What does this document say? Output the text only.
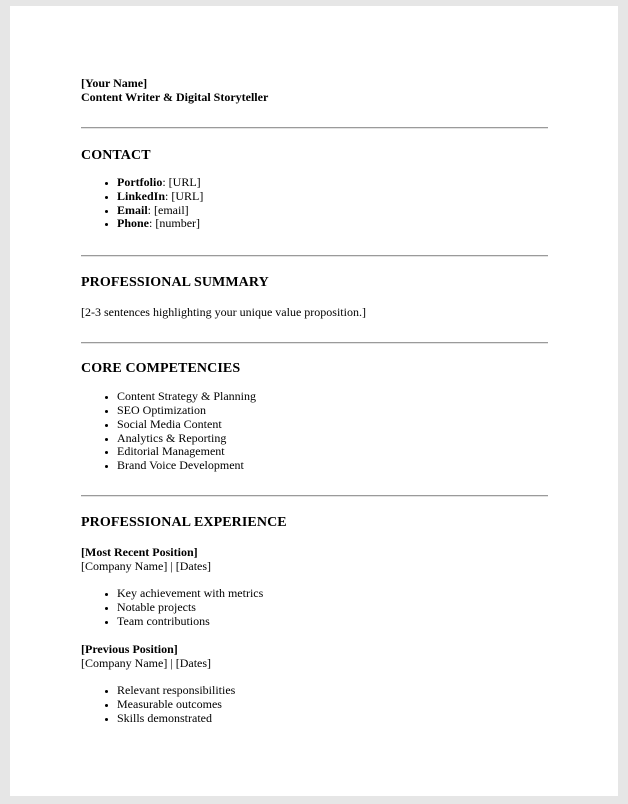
[Your Name]

Content Writer & Digital Storyteller

CONTACT
• Portfolio: [URL]
• LinkedIn: [URL]
• Email: [email]
• Phone: [number]
PROFESSIONAL SUMMARY

[2-3 sentences highlighting your unique value proposition.]

CORE COMPETENCIES
• Content Strategy & Planning
• SEO Optimization
• Social Media Content
• Analytics & Reporting
• Editorial Management
• Brand Voice Development
PROFESSIONAL EXPERIENCE

[Most Recent Position]

[Company Name] | [Dates]

• Key achievement with metrics
• Notable projects
• Team contributions

[Previous Position]

[Company Name] | [Dates]

• Relevant responsibilities
• Measurable outcomes
• Skills demonstrated
